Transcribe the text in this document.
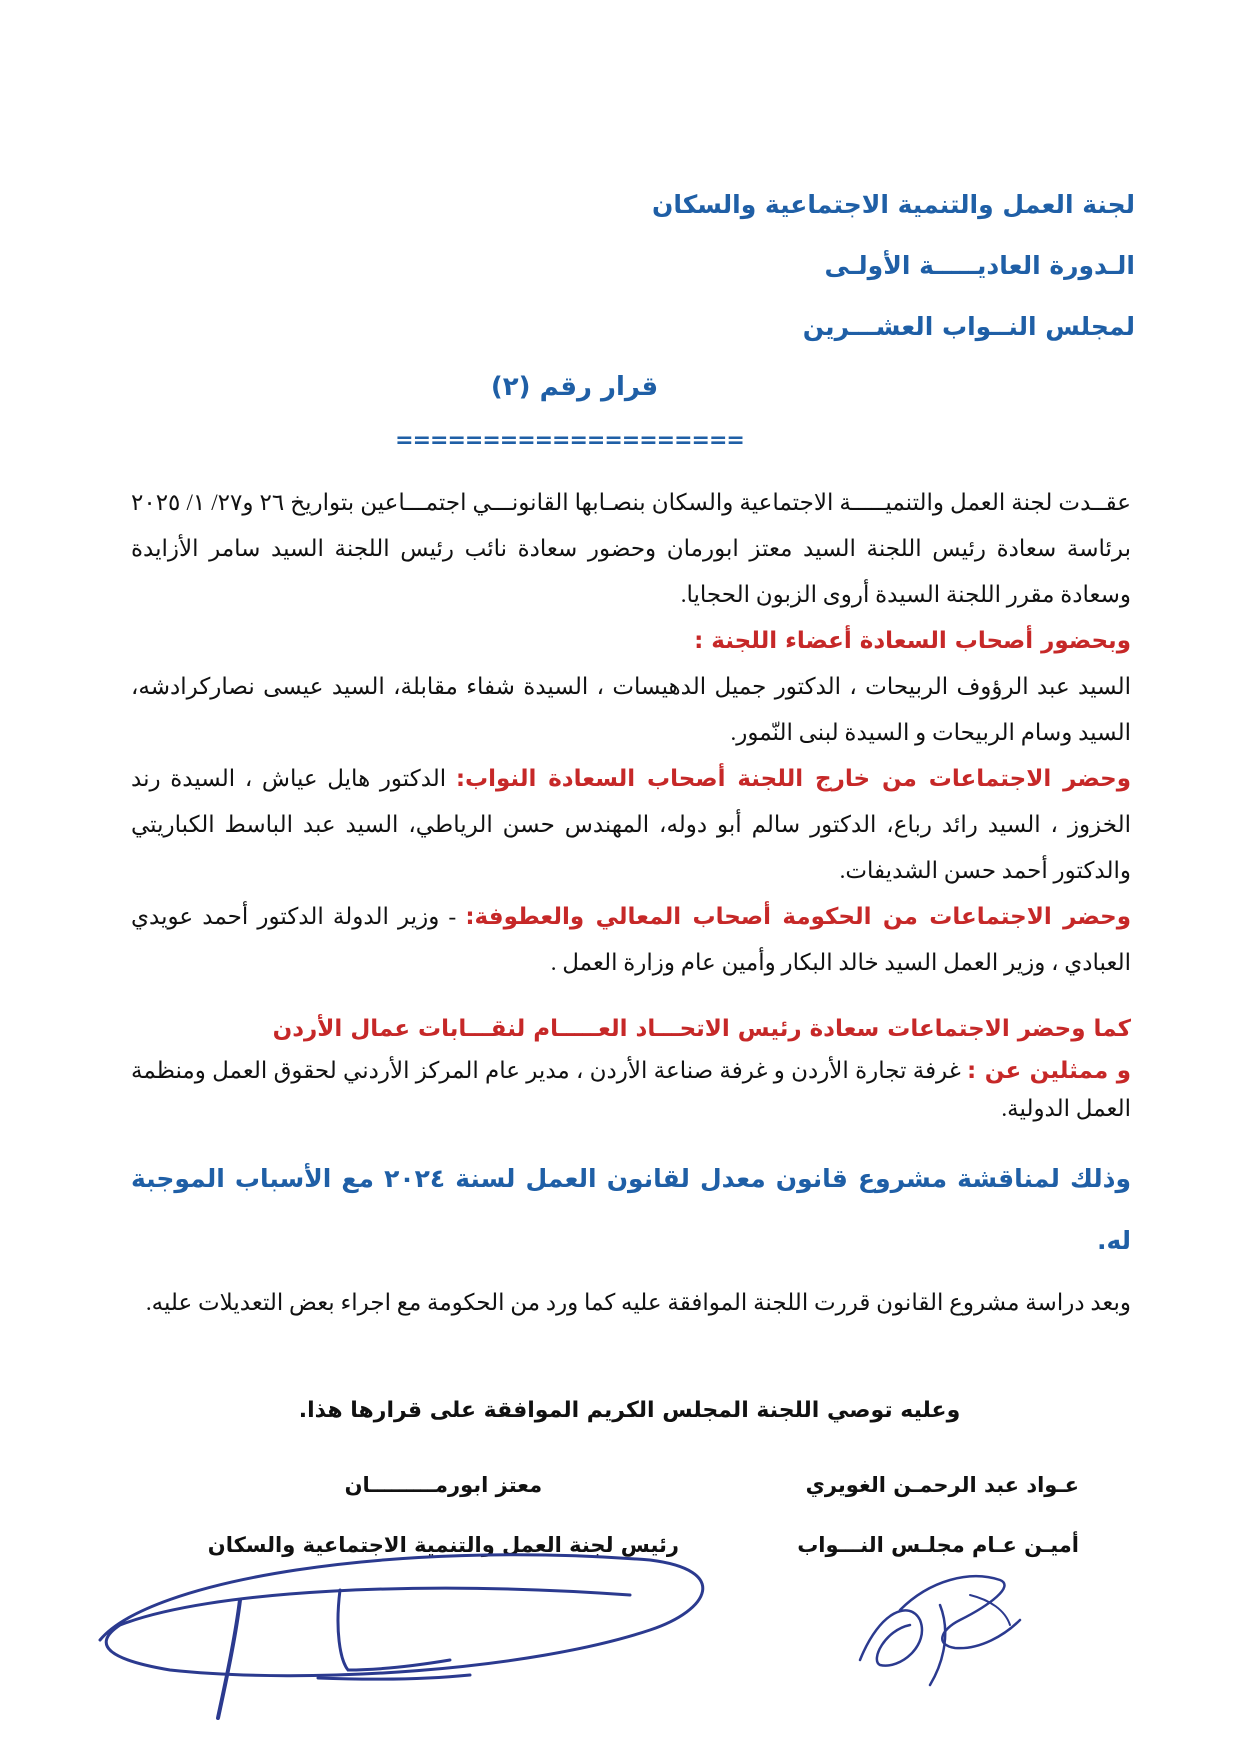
لجنة العمل والتنمية الاجتماعية والسكان
الـدورة العاديـــــة الأولـى
لمجلس النــواب العشـــرين
قرار رقم (٢)
====================

عقــدت لجنة العمل والتنميـــــة الاجتماعية والسكان بنصـابها القانونـــي اجتمـــاعين بتواريخ ٢٦ و٢٧/ ١/ ٢٠٢٥ برئاسة سعادة رئيس اللجنة السيد معتز ابورمان وحضور سعادة نائب رئيس اللجنة السيد سامر الأزايدة وسعادة مقرر اللجنة السيدة أروى الزبون الحجايا.

وبحضور أصحاب السعادة أعضاء اللجنة :

السيد عبد الرؤوف الربيحات ، الدكتور جميل الدهيسات ، السيدة شفاء مقابلة، السيد عيسى نصاركرادشه، السيد وسام الربيحات و السيدة لبنى النّمور.

وحضر الاجتماعات من خارج اللجنة أصحاب السعادة النواب: الدكتور هايل عياش ، السيدة رند الخزوز ، السيد رائد رباع، الدكتور سالم أبو دوله، المهندس حسن الرياطي، السيد عبد الباسط الكباريتي والدكتور أحمد حسن الشديفات.

وحضر الاجتماعات من الحكومة أصحاب المعالي والعطوفة: - وزير الدولة الدكتور أحمد عويدي العبادي ، وزير العمل السيد خالد البكار وأمين عام وزارة العمل .

كما وحضر الاجتماعات سعادة رئيس الاتحـــاد العـــــام لنقـــابات عمال الأردن

و ممثلين عن : غرفة تجارة الأردن و غرفة صناعة الأردن ، مدير عام المركز الأردني لحقوق العمل ومنظمة العمل الدولية.

وذلك لمناقشة مشروع قانون معدل لقانون العمل لسنة ٢٠٢٤ مع الأسباب الموجبة له.

وبعد دراسة مشروع القانون قررت اللجنة الموافقة عليه كما ورد من الحكومة مع اجراء بعض التعديلات عليه.

وعليه توصي اللجنة المجلس الكريم الموافقة على قرارها هذا.
عـواد عبد الرحمـن الغويري
أميـن عـام مجلـس النـــواب
معتز ابورمـــــــــان
رئيس لجنة العمل والتنمية الاجتماعية والسكان
